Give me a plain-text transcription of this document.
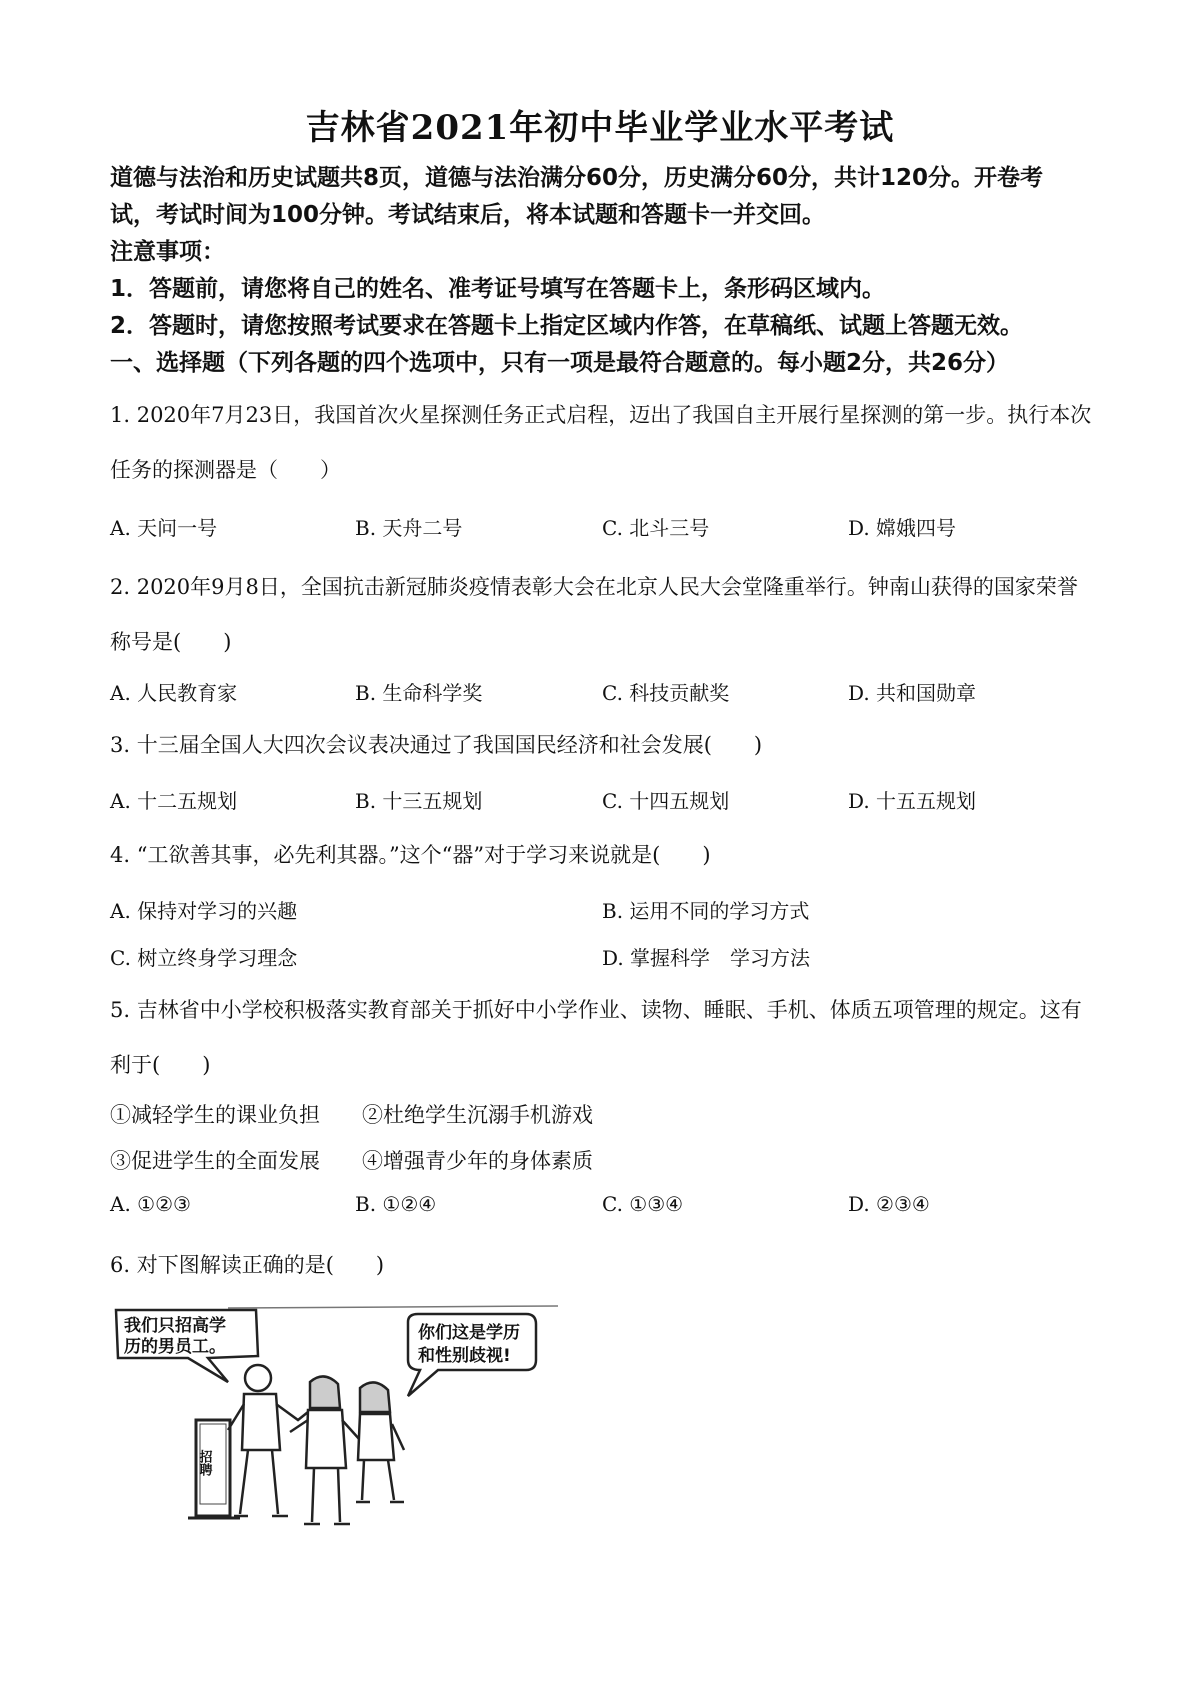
吉林省2021年初中毕业学业水平考试

道德与法治和历史试题共8页，道德与法治满分60分，历史满分60分，共计120分。开卷考

试，考试时间为100分钟。考试结束后，将本试题和答题卡一并交回。

注意事项：

1．答题前，请您将自己的姓名、准考证号填写在答题卡上，条形码区域内。

2．答题时，请您按照考试要求在答题卡上指定区域内作答，在草稿纸、试题上答题无效。

一、选择题（下列各题的四个选项中，只有一项是最符合题意的。每小题2分，共26分）

1. 2020年7月23日，我国首次火星探测任务正式启程，迈出了我国自主开展行星探测的第一步。执行本次
任务的探测器是（　　）
A. 天问一号	B. 天舟二号	C. 北斗三号	D. 嫦娥四号
2. 2020年9月8日，全国抗击新冠肺炎疫情表彰大会在北京人民大会堂隆重举行。钟南山获得的国家荣誉
称号是(　　)
A. 人民教育家	B. 生命科学奖	C. 科技贡献奖	D. 共和国勋章
3. 十三届全国人大四次会议表决通过了我国国民经济和社会发展(　　)
A. 十二五规划	B. 十三五规划	C. 十四五规划	D. 十五五规划
4. “工欲善其事，必先利其器。”这个“器”对于学习来说就是(　　)
A. 保持对学习的兴趣	B. 运用不同的学习方式
C. 树立终身学习理念	D. 掌握科学　学习方法
5. 吉林省中小学校积极落实教育部关于抓好中小学作业、读物、睡眠、手机、体质五项管理的规定。这有
利于(　　)
①减轻学生的课业负担　　②杜绝学生沉溺手机游戏
③促进学生的全面发展　　④增强青少年的身体素质
A. ①②③	B. ①②④	C. ①③④	D. ②③④
6. 对下图解读正确的是(　　)
我们只招高学
历的男员工。
你们这是学历
和性别歧视!
招聘
